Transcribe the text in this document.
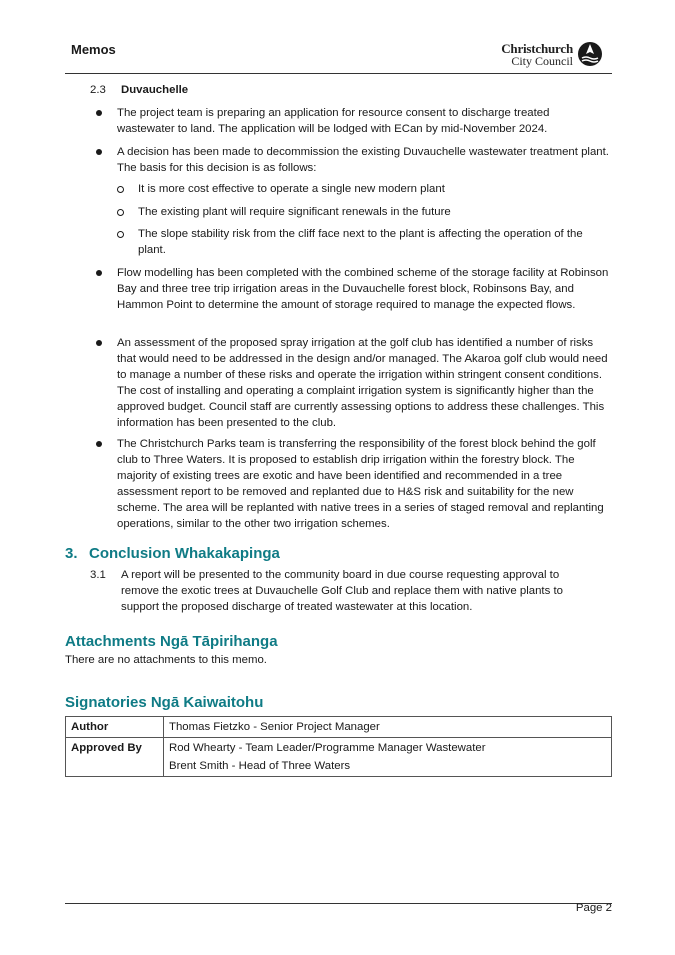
Memos	Christchurch
City Council
2.3 Duvauchelle
The project team is preparing an application for resource consent to discharge treated wastewater to land. The application will be lodged with ECan by mid-November 2024.
A decision has been made to decommission the existing Duvauchelle wastewater treatment plant. The basis for this decision is as follows:
It is more cost effective to operate a single new modern plant
The existing plant will require significant renewals in the future
The slope stability risk from the cliff face next to the plant is affecting the operation of the plant.
Flow modelling has been completed with the combined scheme of the storage facility at Robinson Bay and three tree trip irrigation areas in the Duvauchelle forest block, Robinsons Bay, and Hammon Point to determine the amount of storage required to manage the expected flows.
An assessment of the proposed spray irrigation at the golf club has identified a number of risks that would need to be addressed in the design and/or managed. The Akaroa golf club would need to manage a number of these risks and operate the irrigation within stringent consent conditions. The cost of installing and operating a complaint irrigation system is significantly higher than the approved budget. Council staff are currently assessing options to address these challenges. This information has been presented to the club.
The Christchurch Parks team is transferring the responsibility of the forest block behind the golf club to Three Waters. It is proposed to establish drip irrigation within the forestry block. The majority of existing trees are exotic and have been identified and recommended in a tree assessment report to be removed and replanted due to H&S risk and suitability for the new scheme. The area will be replanted with native trees in a series of staged removal and replanting operations, similar to the other two irrigation schemes.
3. Conclusion Whakakapinga
3.1 A report will be presented to the community board in due course requesting approval to remove the exotic trees at Duvauchelle Golf Club and replace them with native plants to support the proposed discharge of treated wastewater at this location.
Attachments Ngā Tāpirihanga
There are no attachments to this memo.
Signatories Ngā Kaiwaitohu
Author	Thomas Fietzko - Senior Project Manager
Approved By	Rod Whearty - Team Leader/Programme Manager Wastewater
Brent Smith - Head of Three Waters
Page 2
